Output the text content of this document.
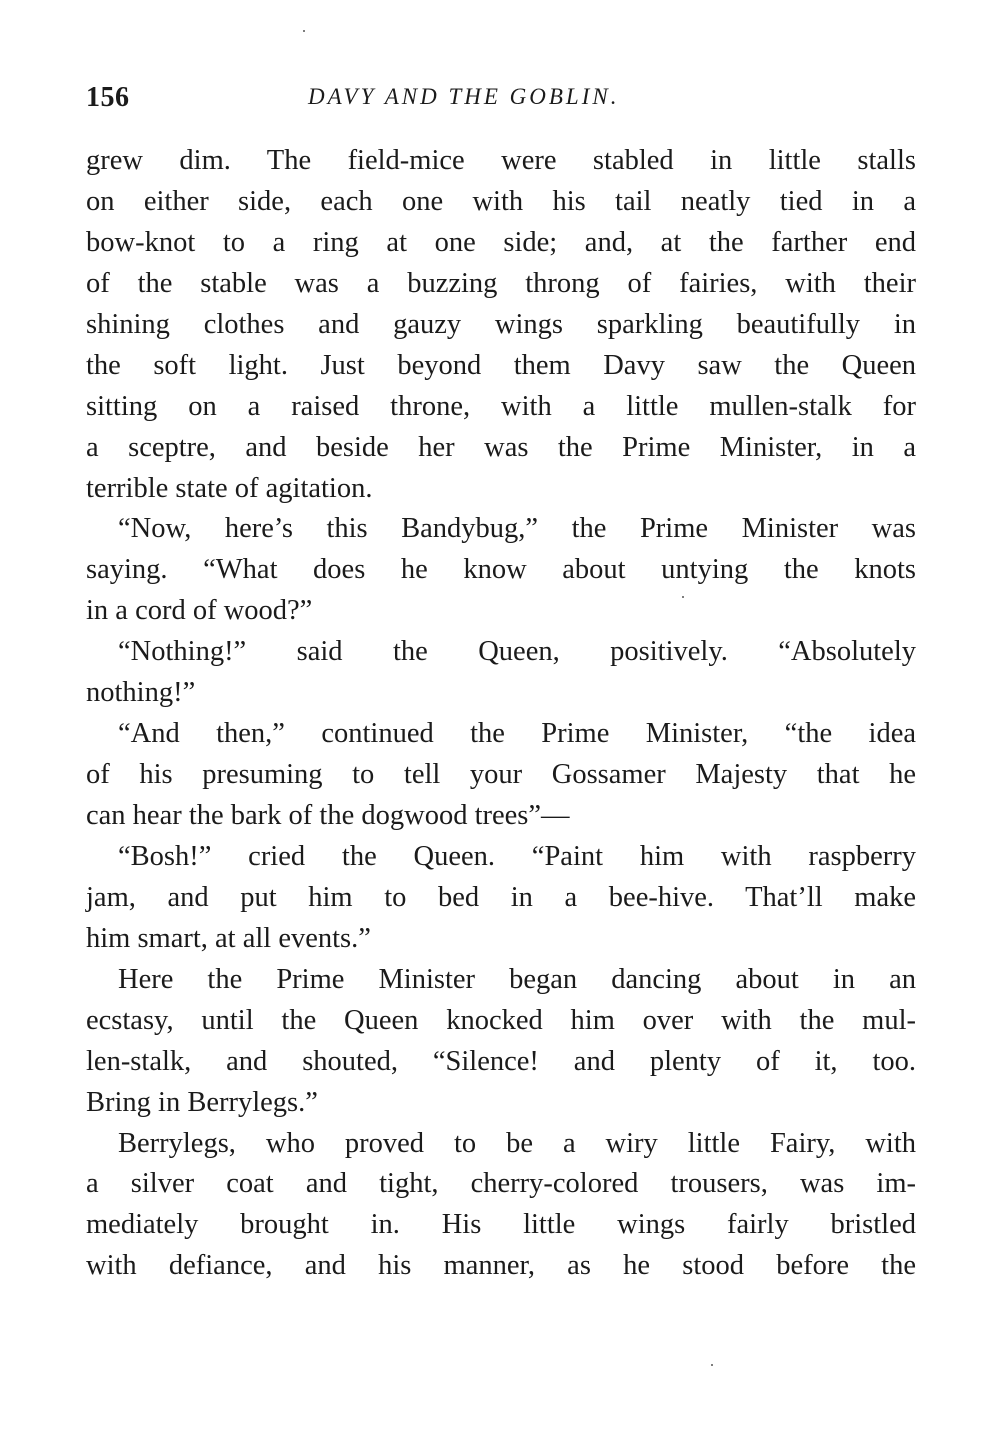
156	DAVY AND THE GOBLIN.
grew dim. The field-mice were stabled in little stalls
on either side, each one with his tail neatly tied in a
bow-knot to a ring at one side; and, at the farther end
of the stable was a buzzing throng of fairies, with their
shining clothes and gauzy wings sparkling beautifully in
the soft light. Just beyond them Davy saw the Queen
sitting on a raised throne, with a little mullen-stalk for
a sceptre, and beside her was the Prime Minister, in a
terrible state of agitation.
“Now, here’s this Bandybug,” the Prime Minister was
saying. “What does he know about untying the knots
in a cord of wood?”
“Nothing!” said the Queen, positively. “Absolutely
nothing!”
“And then,” continued the Prime Minister, “the idea
of his presuming to tell your Gossamer Majesty that he
can hear the bark of the dogwood trees”—
“Bosh!” cried the Queen. “Paint him with raspberry
jam, and put him to bed in a bee-hive. That’ll make
him smart, at all events.”
Here the Prime Minister began dancing about in an
ecstasy, until the Queen knocked him over with the mul-
len-stalk, and shouted, “Silence! and plenty of it, too.
Bring in Berrylegs.”
Berrylegs, who proved to be a wiry little Fairy, with
a silver coat and tight, cherry-colored trousers, was im-
mediately brought in. His little wings fairly bristled
with defiance, and his manner, as he stood before the
